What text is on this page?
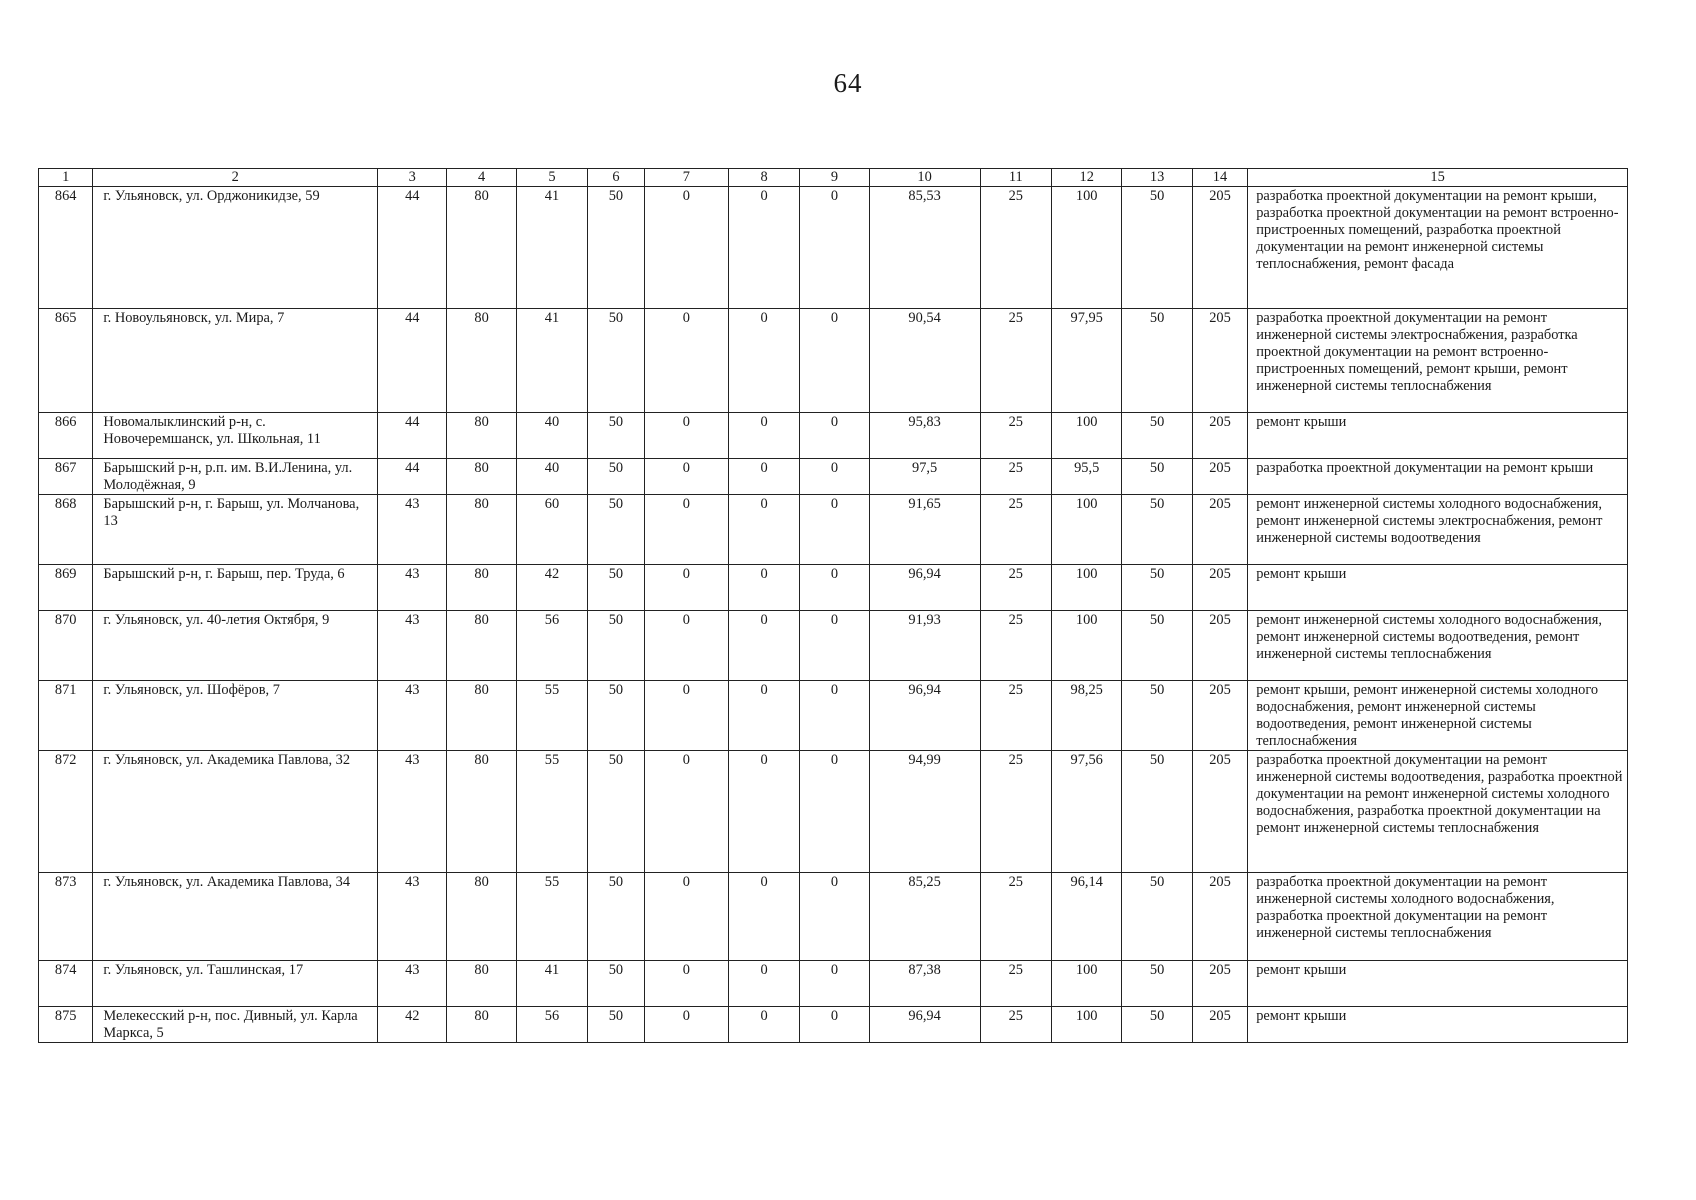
64
1	2	3	4	5	6	7	8	9	10	11	12	13	14	15
864	г. Ульяновск, ул. Орджоникидзе, 59	44	80	41	50	0	0	0	85,53	25	100	50	205	разработка проектной документации на ремонт крыши, разработка проектной документации на ремонт встроенно-пристроенных помещений, разработка проектной документации на ремонт инженерной системы теплоснабжения, ремонт фасада
865	г. Новоульяновск, ул. Мира, 7	44	80	41	50	0	0	0	90,54	25	97,95	50	205	разработка проектной документации на ремонт инженерной системы электроснабжения, разработка проектной документации на ремонт встроенно-пристроенных помещений, ремонт крыши, ремонт инженерной системы теплоснабжения
866	Новомалыклинский р-н, с. Новочеремшанск, ул. Школьная, 11	44	80	40	50	0	0	0	95,83	25	100	50	205	ремонт крыши
867	Барышский р-н, р.п. им. В.И.Ленина, ул. Молодёжная, 9	44	80	40	50	0	0	0	97,5	25	95,5	50	205	разработка проектной документации на ремонт крыши
868	Барышский р-н, г. Барыш, ул. Молчанова, 13	43	80	60	50	0	0	0	91,65	25	100	50	205	ремонт инженерной системы холодного водоснабжения, ремонт инженерной системы электроснабжения, ремонт инженерной системы водоотведения
869	Барышский р-н, г. Барыш, пер. Труда, 6	43	80	42	50	0	0	0	96,94	25	100	50	205	ремонт крыши
870	г. Ульяновск, ул. 40-летия Октября, 9	43	80	56	50	0	0	0	91,93	25	100	50	205	ремонт инженерной системы холодного водоснабжения, ремонт инженерной системы водоотведения, ремонт инженерной системы теплоснабжения
871	г. Ульяновск, ул. Шофёров, 7	43	80	55	50	0	0	0	96,94	25	98,25	50	205	ремонт крыши, ремонт инженерной системы холодного водоснабжения, ремонт инженерной системы водоотведения, ремонт инженерной системы теплоснабжения
872	г. Ульяновск, ул. Академика Павлова, 32	43	80	55	50	0	0	0	94,99	25	97,56	50	205	разработка проектной документации на ремонт инженерной системы водоотведения, разработка проектной документации на ремонт инженерной системы холодного водоснабжения, разработка проектной документации на ремонт инженерной системы теплоснабжения
873	г. Ульяновск, ул. Академика Павлова, 34	43	80	55	50	0	0	0	85,25	25	96,14	50	205	разработка проектной документации на ремонт инженерной системы холодного водоснабжения, разработка проектной документации на ремонт инженерной системы теплоснабжения
874	г. Ульяновск, ул. Ташлинская, 17	43	80	41	50	0	0	0	87,38	25	100	50	205	ремонт крыши
875	Мелекесский р-н, пос. Дивный, ул. Карла Маркса, 5	42	80	56	50	0	0	0	96,94	25	100	50	205	ремонт крыши
